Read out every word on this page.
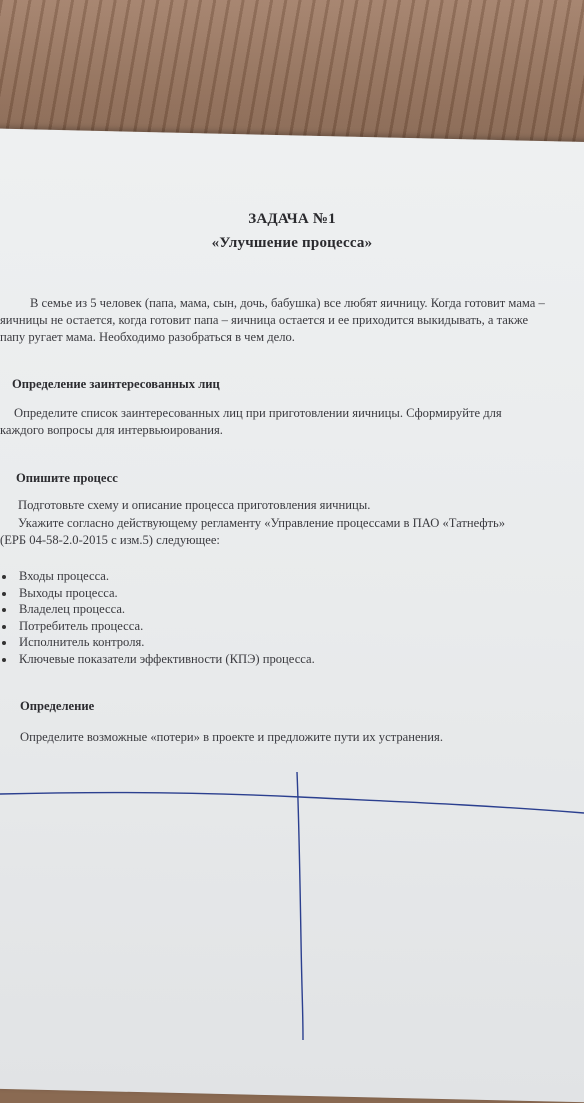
ЗАДАЧА №1
«Улучшение процесса»
В семье из 5 человек (папа, мама, сын, дочь, бабушка) все любят яичницу. Когда готовит мама –
яичницы не остается, когда готовит папа – яичница остается и ее приходится выкидывать, а также
папу ругает мама. Необходимо разобраться в чем дело.
Определение заинтересованных лиц
Определите список заинтересованных лиц при приготовлении яичницы. Сформируйте для
каждого вопросы для интервьюирования.
Опишите процесс
Подготовьте схему и описание процесса приготовления яичницы.
Укажите согласно действующему регламенту «Управление процессами в ПАО «Татнефть»
(ЕРБ 04-58-2.0-2015 с изм.5) следующее:
Входы процесса.
Выходы процесса.
Владелец процесса.
Потребитель процесса.
Исполнитель контроля.
Ключевые показатели эффективности (КПЭ) процесса.
Определение
Определите возможные «потери» в проекте и предложите пути их устранения.
